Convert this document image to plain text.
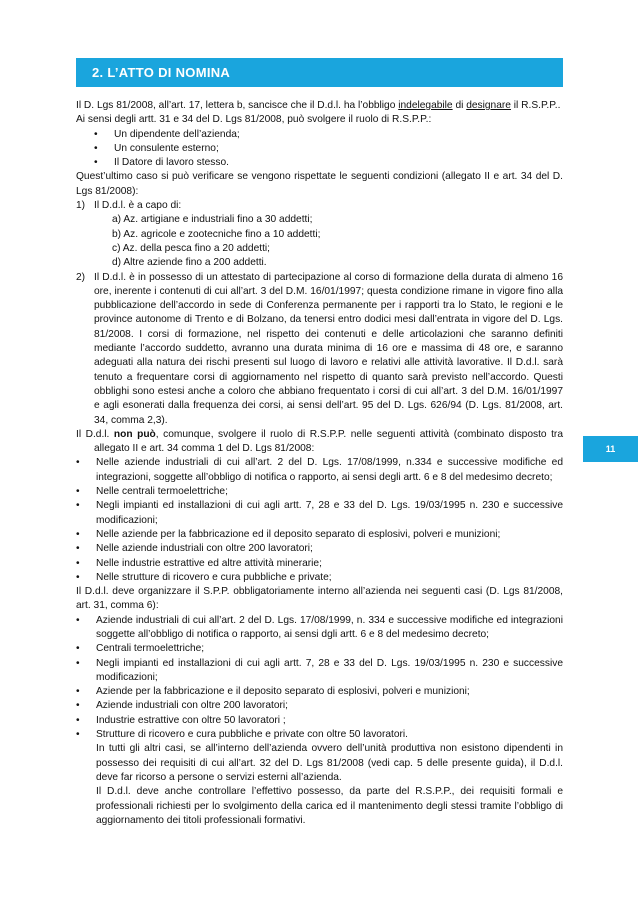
2. L’ATTO DI NOMINA
11

Il D. Lgs 81/2008, all’art. 17, lettera b, sancisce che il D.d.l. ha l’obbligo indelegabile di designare il R.S.P.P..

Ai sensi degli artt. 31 e 34 del D. Lgs 81/2008, può svolgere il ruolo di R.S.P.P.:

•	Un dipendente dell’azienda;
•	Un consulente esterno;
•	Il Datore di lavoro stesso.

Quest’ultimo caso si può verificare se vengono rispettate le seguenti condizioni (allegato II e art. 34 del D. Lgs 81/2008):

1) Il D.d.l. è a capo di:
a) Az. artigiane e industriali fino a 30 addetti;
b) Az. agricole e zootecniche fino a 10 addetti;
c) Az. della pesca fino a 20 addetti;
d) Altre aziende fino a 200 addetti.
2) Il D.d.l. è in possesso di un attestato di partecipazione al corso di formazione della durata di almeno 16 ore, inerente i contenuti di cui all’art. 3 del D.M. 16/01/1997; questa condizione rimane in vigore fino alla pubblicazione dell’accordo in sede di Conferenza permanente per i rapporti tra lo Stato, le regioni e le province autonome di Trento e di Bolzano, da tenersi entro dodici mesi dall’entrata in vigore del D. Lgs. 81/2008. I corsi di formazione, nel rispetto dei contenuti e delle articolazioni che saranno definiti mediante l’accordo suddetto, avranno una durata minima di 16 ore e massima di 48 ore, e saranno adeguati alla natura dei rischi presenti sul luogo di lavoro e relativi alle attività lavorative. Il D.d.l. sarà tenuto a frequentare corsi di aggiornamento nel rispetto di quanto sarà previsto nell’accordo. Questi obblighi sono estesi anche a coloro che abbiano frequentato i corsi di cui all’art. 3 del D.M. 16/01/1997 e agli esonerati dalla frequenza dei corsi, ai sensi dell’art. 95 del D. Lgs. 626/94 (D. Lgs. 81/2008, art. 34, comma 2,3).

Il D.d.l. non può, comunque, svolgere il ruolo di R.S.P.P. nelle seguenti attività (combinato disposto tra allegato II e art. 34 comma 1 del D. Lgs 81/2008:

•	Nelle aziende industriali di cui all’art. 2 del D. Lgs. 17/08/1999, n.334 e successive modifiche ed integrazioni, soggette all’obbligo di notifica o rapporto, ai sensi degli artt. 6 e 8 del medesimo decreto;
•	Nelle centrali termoelettriche;
•	Negli impianti ed installazioni di cui agli artt. 7, 28 e 33 del D. Lgs. 19/03/1995 n. 230 e successive modificazioni;
•	Nelle aziende per la fabbricazione ed il deposito separato di esplosivi, polveri e munizioni;
•	Nelle aziende industriali con oltre 200 lavoratori;
•	Nelle industrie estrattive ed altre attività minerarie;
•	Nelle strutture di ricovero e cura pubbliche e private;

Il D.d.l. deve organizzare il S.P.P. obbligatoriamente interno all’azienda nei seguenti casi (D. Lgs 81/2008, art. 31, comma 6):

•	Aziende industriali di cui all’art. 2 del D. Lgs. 17/08/1999, n. 334 e successive modifiche ed integrazioni soggette all’obbligo di notifica o rapporto, ai sensi dgli artt. 6 e 8 del medesimo decreto;
•	Centrali termoelettriche;
•	Negli impianti ed installazioni di cui agli artt. 7, 28 e 33 del D. Lgs. 19/03/1995 n. 230 e successive modificazioni;
•	Aziende per la fabbricazione e il deposito separato di esplosivi, polveri e munizioni;
•	Aziende industriali con oltre 200 lavoratori;
•	Industrie estrattive con oltre 50 lavoratori ;
•	Strutture di ricovero e cura pubbliche e private con oltre 50 lavoratori.

In tutti gli altri casi, se all’interno dell’azienda ovvero dell’unità produttiva non esistono dipendenti in possesso dei requisiti di cui all’art. 32 del D. Lgs 81/2008 (vedi cap. 5 delle presente guida), il D.d.l. deve far ricorso a persone o servizi esterni all’azienda.

Il D.d.l. deve anche controllare l’effettivo possesso, da parte del R.S.P.P., dei requisiti formali e professionali richiesti per lo svolgimento della carica ed il mantenimento degli stessi tramite l’obbligo di aggiornamento dei titoli professionali formativi.
